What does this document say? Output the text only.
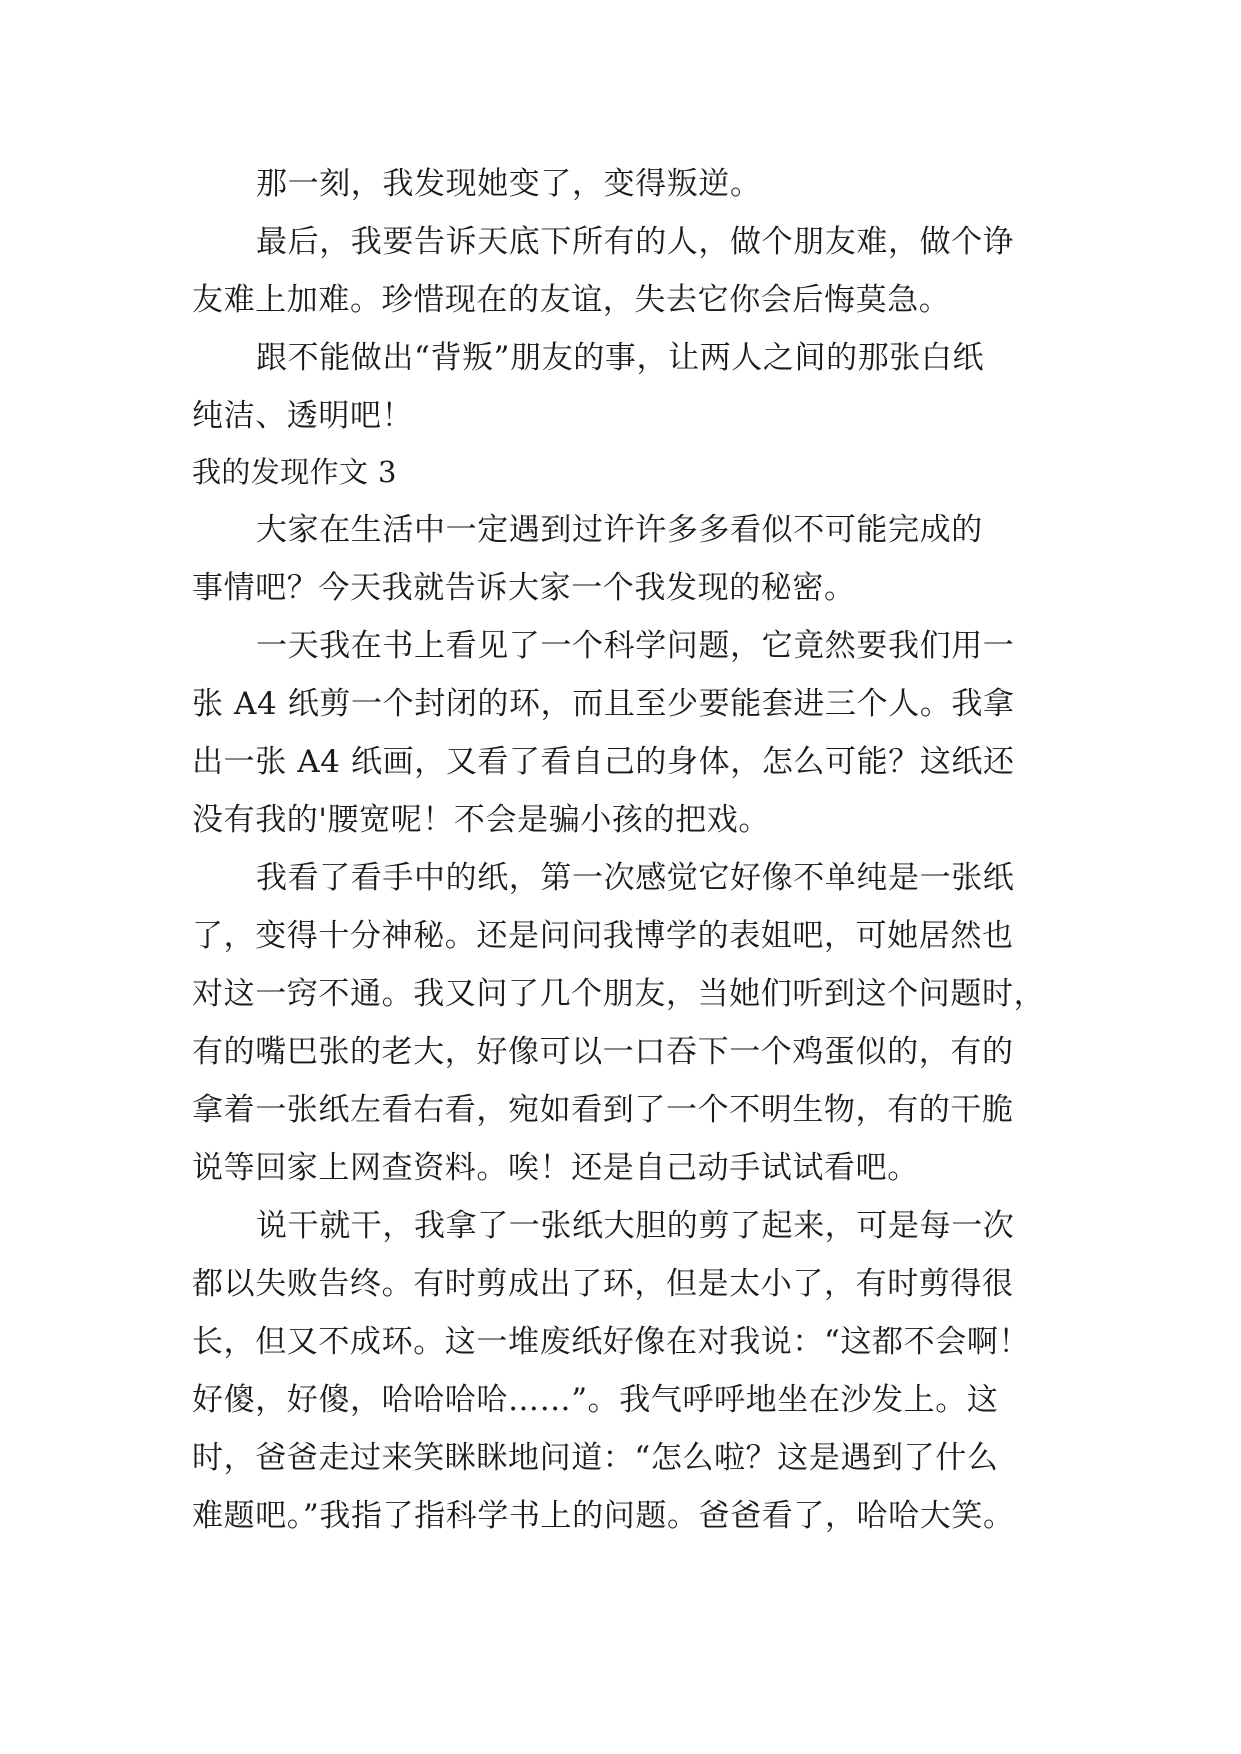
那一刻，我发现她变了，变得叛逆。
最后，我要告诉天底下所有的人，做个朋友难，做个诤
友难上加难。珍惜现在的友谊，失去它你会后悔莫急。
跟不能做出“背叛”朋友的事，让两人之间的那张白纸
纯洁、透明吧！
我的发现作文 3
大家在生活中一定遇到过许许多多看似不可能完成的
事情吧？今天我就告诉大家一个我发现的秘密。
一天我在书上看见了一个科学问题，它竟然要我们用一
张 A4 纸剪一个封闭的环，而且至少要能套进三个人。我拿
出一张 A4 纸画，又看了看自己的身体，怎么可能？这纸还
没有我的'腰宽呢！不会是骗小孩的把戏。
我看了看手中的纸，第一次感觉它好像不单纯是一张纸
了，变得十分神秘。还是问问我博学的表姐吧，可她居然也
对这一窍不通。我又问了几个朋友，当她们听到这个问题时，
有的嘴巴张的老大，好像可以一口吞下一个鸡蛋似的，有的
拿着一张纸左看右看，宛如看到了一个不明生物，有的干脆
说等回家上网查资料。唉！还是自己动手试试看吧。
说干就干，我拿了一张纸大胆的剪了起来，可是每一次
都以失败告终。有时剪成出了环，但是太小了，有时剪得很
长，但又不成环。这一堆废纸好像在对我说：“这都不会啊！
好傻，好傻，哈哈哈哈……”。我气呼呼地坐在沙发上。这
时，爸爸走过来笑眯眯地问道：“怎么啦？这是遇到了什么
难题吧。”我指了指科学书上的问题。爸爸看了，哈哈大笑。
